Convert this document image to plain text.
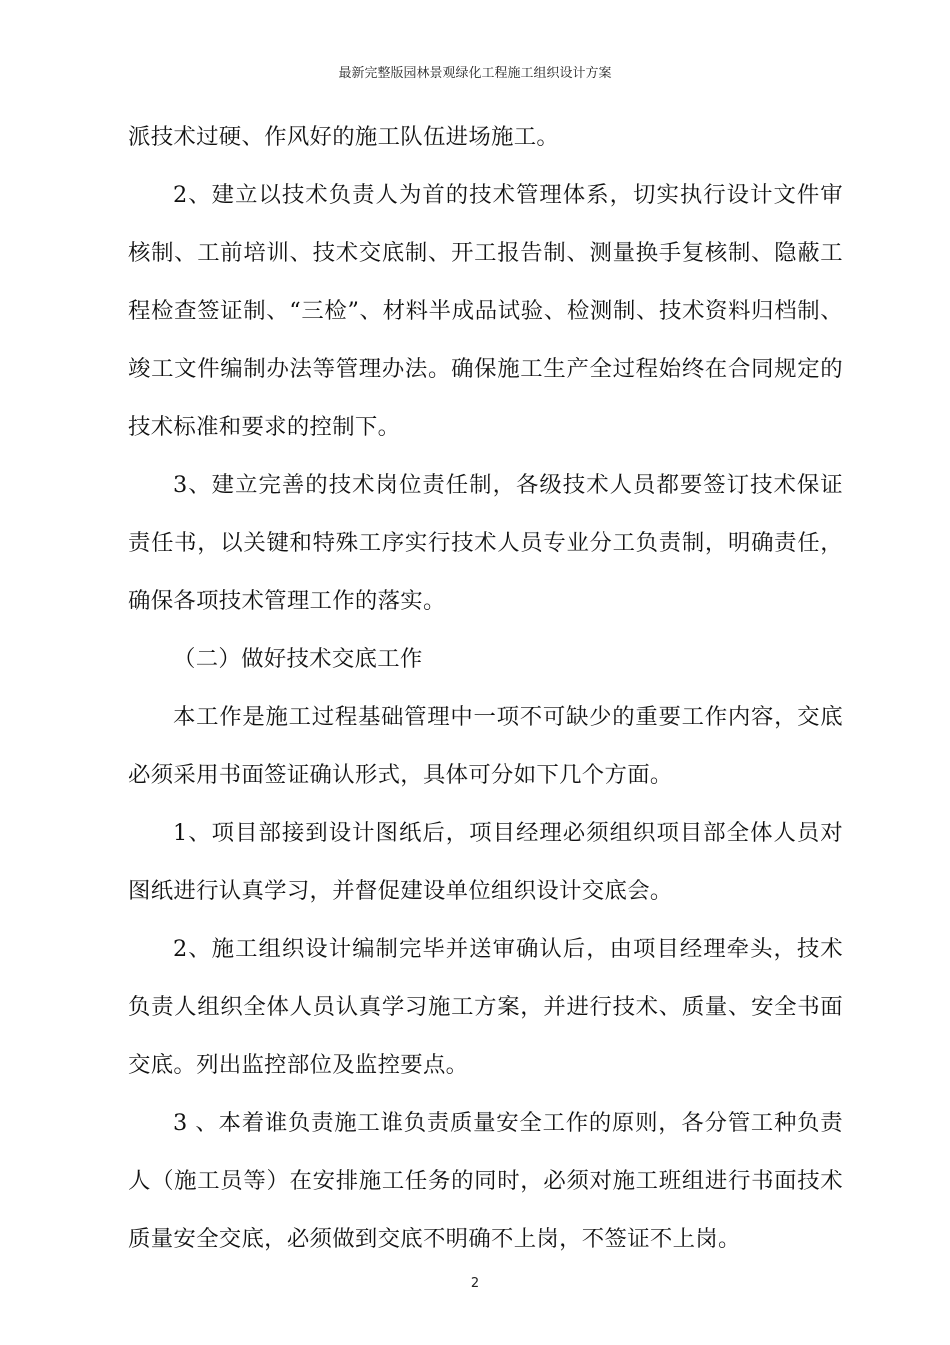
最新完整版园林景观绿化工程施工组织设计方案

派技术过硬、作风好的施工队伍进场施工。

2、建立以技术负责人为首的技术管理体系，切实执行设计文件审核制、工前培训、技术交底制、开工报告制、测量换手复核制、隐蔽工程检查签证制、“三检”、材料半成品试验、检测制、技术资料归档制、竣工文件编制办法等管理办法。确保施工生产全过程始终在合同规定的技术标准和要求的控制下。

3、建立完善的技术岗位责任制，各级技术人员都要签订技术保证责任书，以关键和特殊工序实行技术人员专业分工负责制，明确责任，确保各项技术管理工作的落实。

（二）做好技术交底工作

本工作是施工过程基础管理中一项不可缺少的重要工作内容，交底必须采用书面签证确认形式，具体可分如下几个方面。

1、项目部接到设计图纸后，项目经理必须组织项目部全体人员对图纸进行认真学习，并督促建设单位组织设计交底会。

2、施工组织设计编制完毕并送审确认后，由项目经理牵头，技术负责人组织全体人员认真学习施工方案，并进行技术、质量、安全书面交底。列出监控部位及监控要点。

3 、本着谁负责施工谁负责质量安全工作的原则，各分管工种负责人（施工员等）在安排施工任务的同时，必须对施工班组进行书面技术质量安全交底，必须做到交底不明确不上岗，不签证不上岗。

2
